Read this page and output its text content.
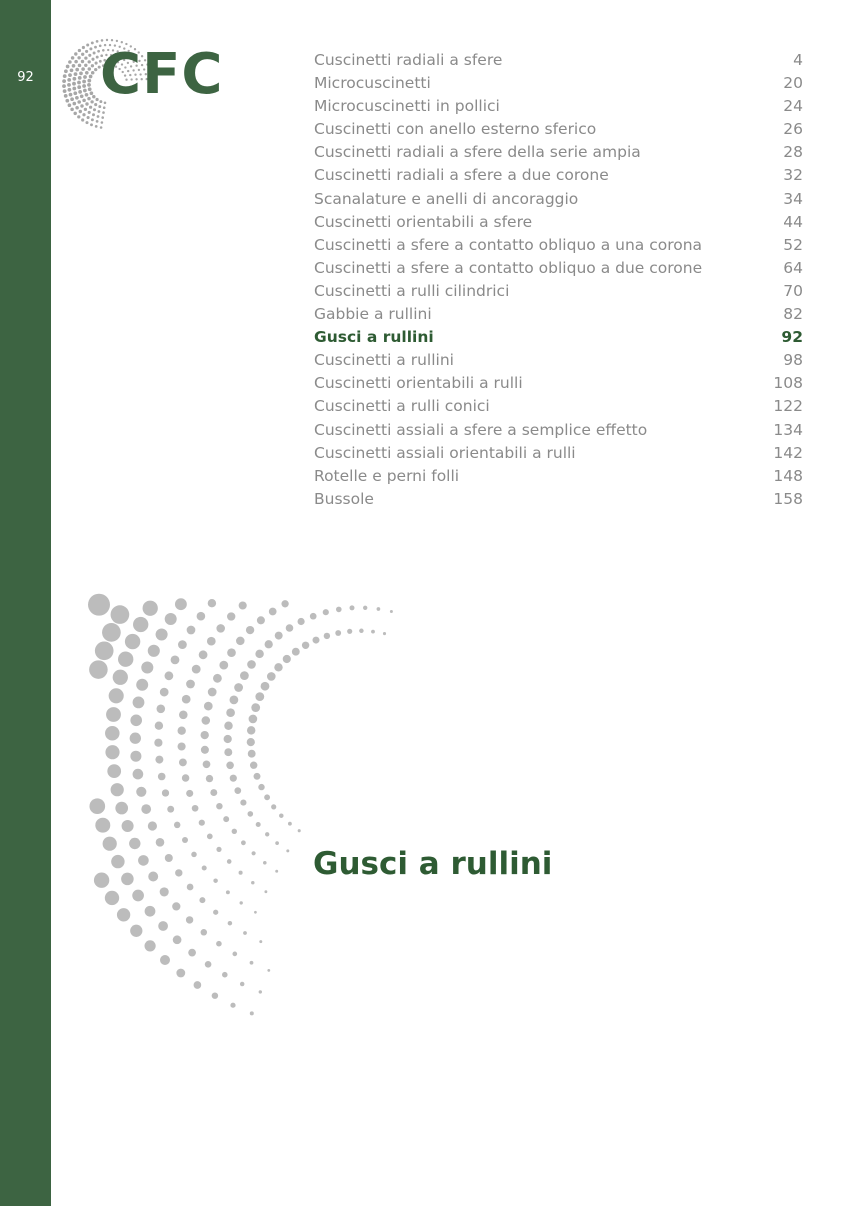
92	CFC	Cuscinetti radiali a sfere	4
Microcuscinetti	20
Microcuscinetti in pollici	24
Cuscinetti con anello esterno sferico	26
Cuscinetti radiali a sfere della serie ampia	28
Cuscinetti radiali a sfere a due corone	32
Scanalature e anelli di ancoraggio	34
Cuscinetti orientabili a sfere	44
Cuscinetti a sfere a contatto obliquo a una corona	52
Cuscinetti a sfere a contatto obliquo a due corone	64
Cuscinetti a rulli cilindrici	70
Gabbie a rullini	82
Gusci a rullini	92
Cuscinetti a rullini	98
Cuscinetti orientabili a rulli	108
Cuscinetti a rulli conici	122
Cuscinetti assiali a sfere a semplice effetto	134
Cuscinetti assiali orientabili a rulli	142
Rotelle e perni folli	148
Bussole	158
Gusci a rullini
